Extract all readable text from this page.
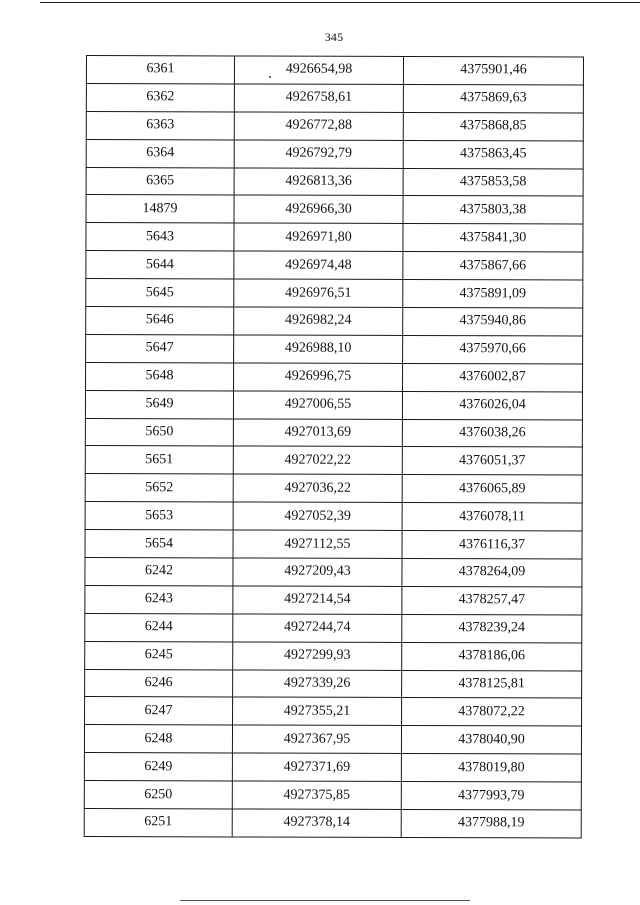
345
6361	4926654,98	4375901,46
6362	4926758,61	4375869,63
6363	4926772,88	4375868,85
6364	4926792,79	4375863,45
6365	4926813,36	4375853,58
14879	4926966,30	4375803,38
5643	4926971,80	4375841,30
5644	4926974,48	4375867,66
5645	4926976,51	4375891,09
5646	4926982,24	4375940,86
5647	4926988,10	4375970,66
5648	4926996,75	4376002,87
5649	4927006,55	4376026,04
5650	4927013,69	4376038,26
5651	4927022,22	4376051,37
5652	4927036,22	4376065,89
5653	4927052,39	4376078,11
5654	4927112,55	4376116,37
6242	4927209,43	4378264,09
6243	4927214,54	4378257,47
6244	4927244,74	4378239,24
6245	4927299,93	4378186,06
6246	4927339,26	4378125,81
6247	4927355,21	4378072,22
6248	4927367,95	4378040,90
6249	4927371,69	4378019,80
6250	4927375,85	4377993,79
6251	4927378,14	4377988,19
